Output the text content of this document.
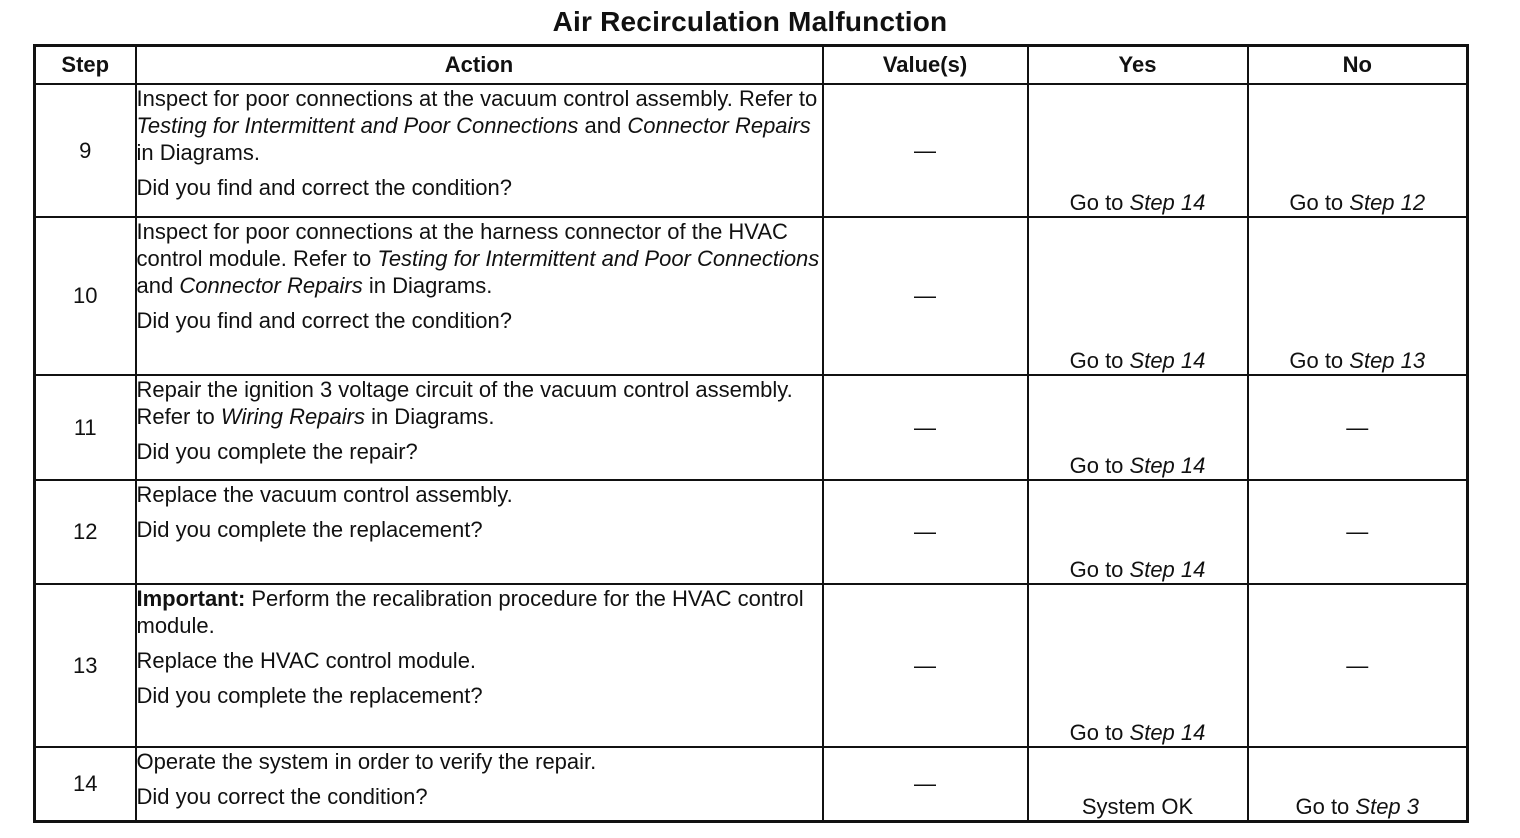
Air Recirculation Malfunction
Step	Action	Value(s)	Yes	No
9	Inspect for poor connections at the vacuum control assembly. Refer to Testing for Intermittent and Poor Connections and Connector Repairs in Diagrams.

Did you find and correct the condition?	—	Go to Step 14	Go to Step 12
10	Inspect for poor connections at the harness connector of the HVAC control module. Refer to Testing for Intermittent and Poor Connections and Connector Repairs in Diagrams.

Did you find and correct the condition?	—	Go to Step 14	Go to Step 13
11	Repair the ignition 3 voltage circuit of the vacuum control assembly. Refer to Wiring Repairs in Diagrams.

Did you complete the repair?	—	Go to Step 14	—
12	Replace the vacuum control assembly.

Did you complete the replacement?	—	Go to Step 14	—
13	Important: Perform the recalibration procedure for the HVAC control module.

Replace the HVAC control module.

Did you complete the replacement?	—	Go to Step 14	—
14	Operate the system in order to verify the repair.

Did you correct the condition?	—	System OK	Go to Step 3
